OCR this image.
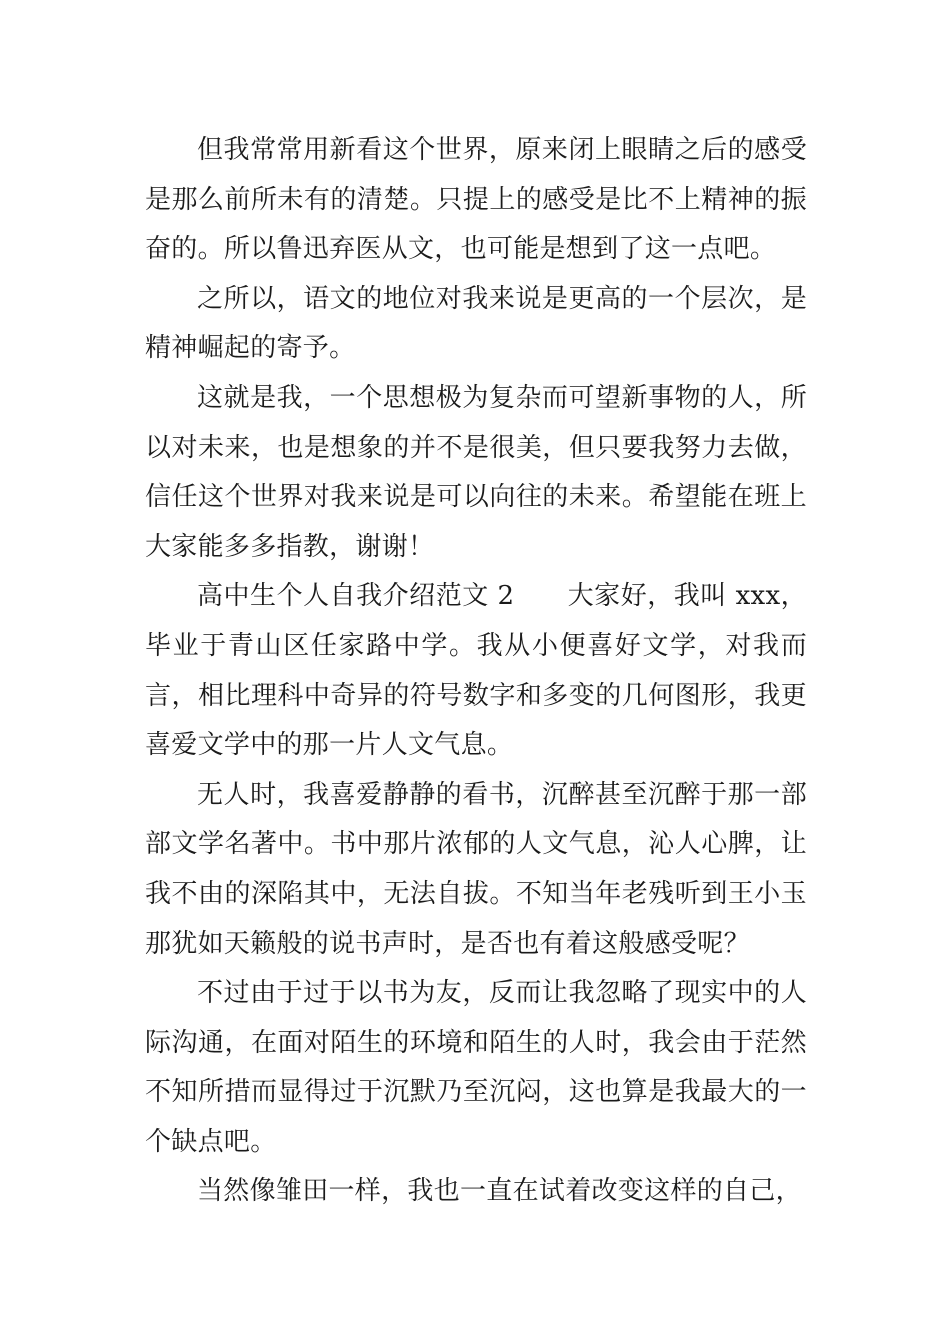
但我常常用新看这个世界，原来闭上眼睛之后的感受是那么前所未有的清楚。只提上的感受是比不上精神的振奋的。所以鲁迅弃医从文，也可能是想到了这一点吧。

之所以，语文的地位对我来说是更高的一个层次，是精神崛起的寄予。

这就是我，一个思想极为复杂而可望新事物的人，所以对未来，也是想象的并不是很美，但只要我努力去做，信任这个世界对我来说是可以向往的未来。希望能在班上大家能多多指教，谢谢！

高中生个人自我介绍范文 2　　大家好，我叫 xxx，毕业于青山区任家路中学。我从小便喜好文学，对我而言，相比理科中奇异的符号数字和多变的几何图形，我更喜爱文学中的那一片人文气息。

无人时，我喜爱静静的看书，沉醉甚至沉醉于那一部部文学名著中。书中那片浓郁的人文气息，沁人心脾，让我不由的深陷其中，无法自拔。不知当年老残听到王小玉那犹如天籁般的说书声时，是否也有着这般感受呢？

不过由于过于以书为友，反而让我忽略了现实中的人际沟通，在面对陌生的环境和陌生的人时，我会由于茫然不知所措而显得过于沉默乃至沉闷，这也算是我最大的一个缺点吧。

当然像雏田一样，我也一直在试着改变这样的自己，
